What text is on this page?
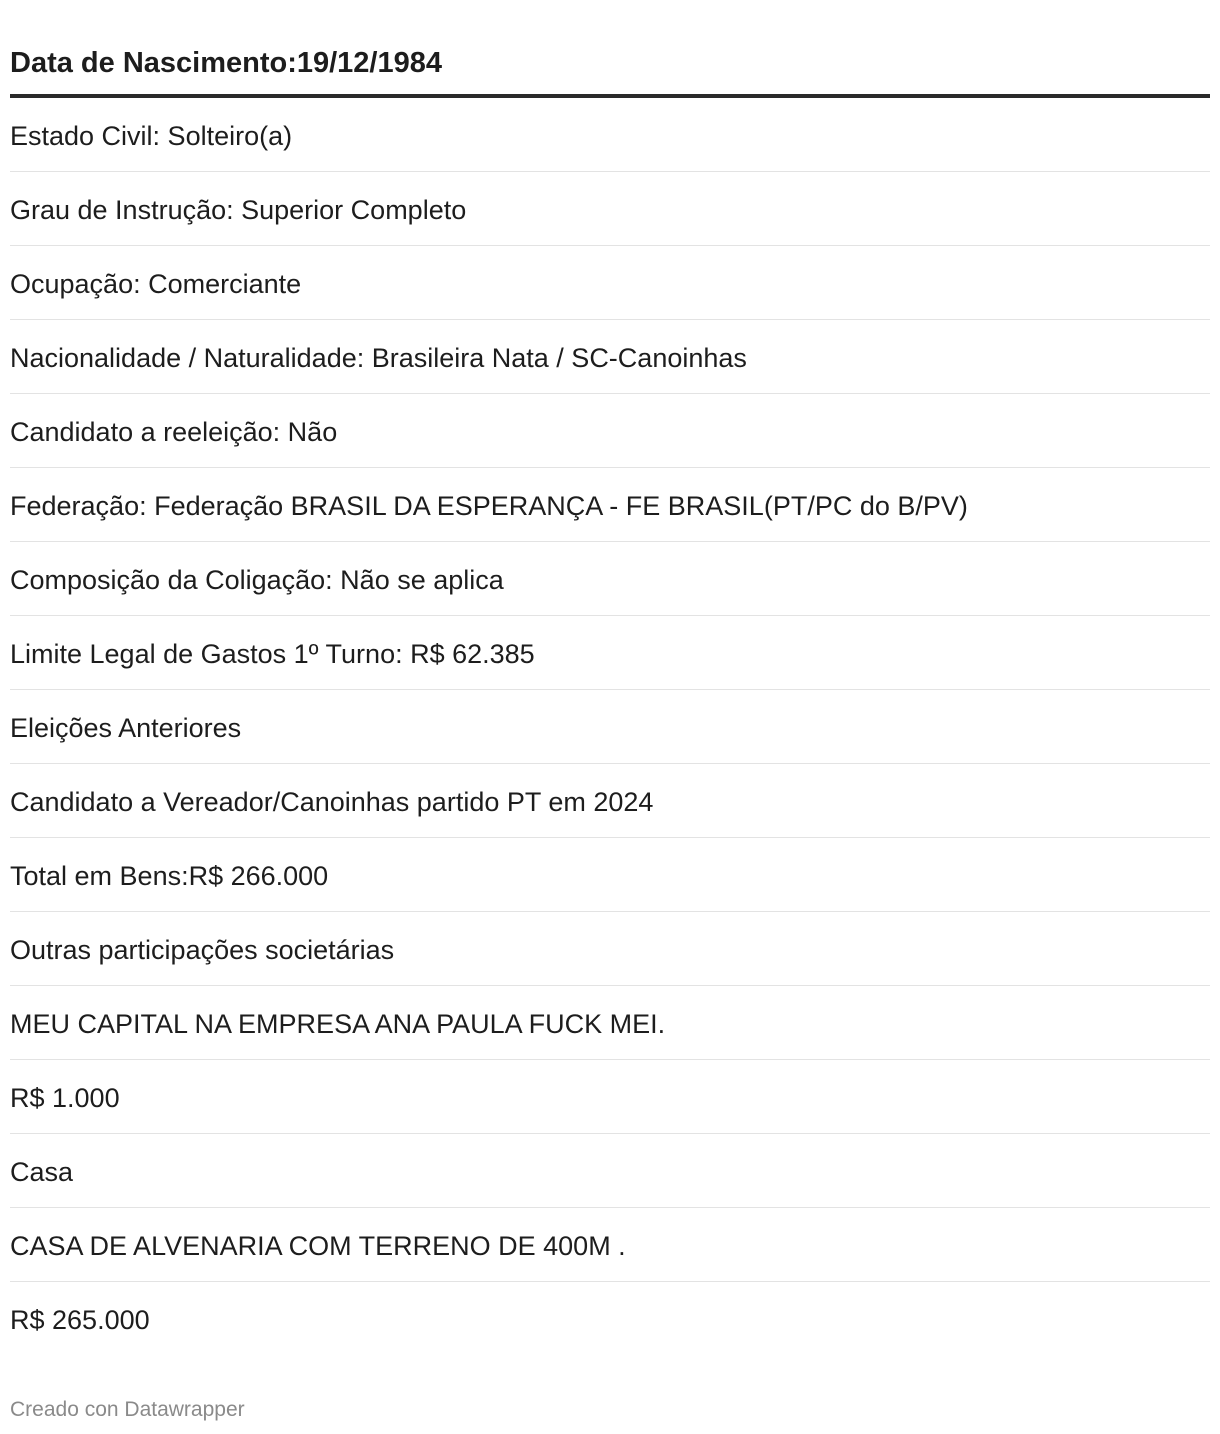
Data de Nascimento:19/12/1984
Estado Civil: Solteiro(a)
Grau de Instrução: Superior Completo
Ocupação: Comerciante
Nacionalidade / Naturalidade: Brasileira Nata / SC-Canoinhas
Candidato a reeleição: Não
Federação: Federação BRASIL DA ESPERANÇA - FE BRASIL(PT/PC do B/PV)
Composição da Coligação: Não se aplica
Limite Legal de Gastos 1º Turno: R$ 62.385
Eleições Anteriores
Candidato a Vereador/Canoinhas partido PT em 2024
Total em Bens:R$ 266.000
Outras participações societárias
MEU CAPITAL NA EMPRESA ANA PAULA FUCK MEI.
R$ 1.000
Casa
CASA DE ALVENARIA COM TERRENO DE 400M .
R$ 265.000
Creado con Datawrapper
